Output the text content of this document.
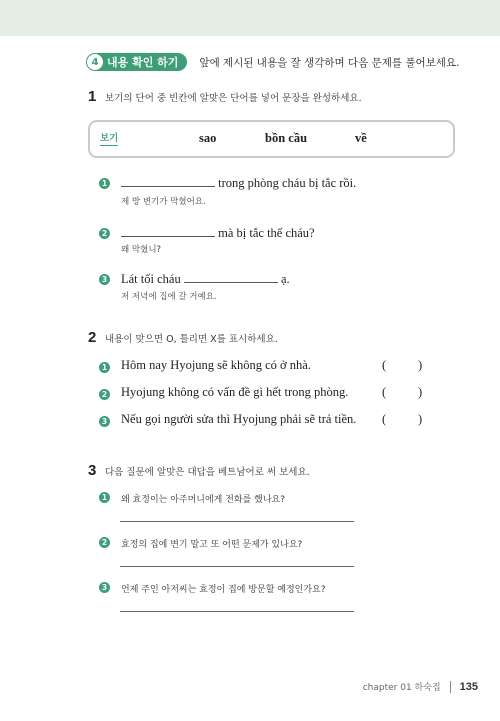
4 내용 확인 하기 앞에 제시된 내용을 잘 생각하며 다음 문제를 풀어보세요.
1 보기의 단어 중 빈칸에 알맞은 단어를 넣어 문장을 완성하세요.
보기	sao	bồn cầu	về
1	trong phòng cháu bị tắc rồi.
제 방 변기가 막혔어요.
2	mà bị tắc thế cháu?
왜 막혔니?
3 Lát tối cháu	ạ.
저 저녁에 집에 갈 거예요.
2 내용이 맞으면 O, 틀리면 X를 표시하세요.
1 Hôm nay Hyojung sẽ không có ở nhà.	(	)
2 Hyojung không có vấn đề gì hết trong phòng.	(	)
3 Nếu gọi người sửa thì Hyojung phải sẽ trả tiền. (	)
3 다음 질문에 알맞은 대답을 베트남어로 써 보세요.
1	왜 효정이는 아주머니에게 전화를 했나요?
2	효정의 집에 변기 말고 또 어떤 문제가 있나요?
3	언제 주인 아저씨는 효정이 집에 방문할 예정인가요?
chapter 01 하숙집 135
